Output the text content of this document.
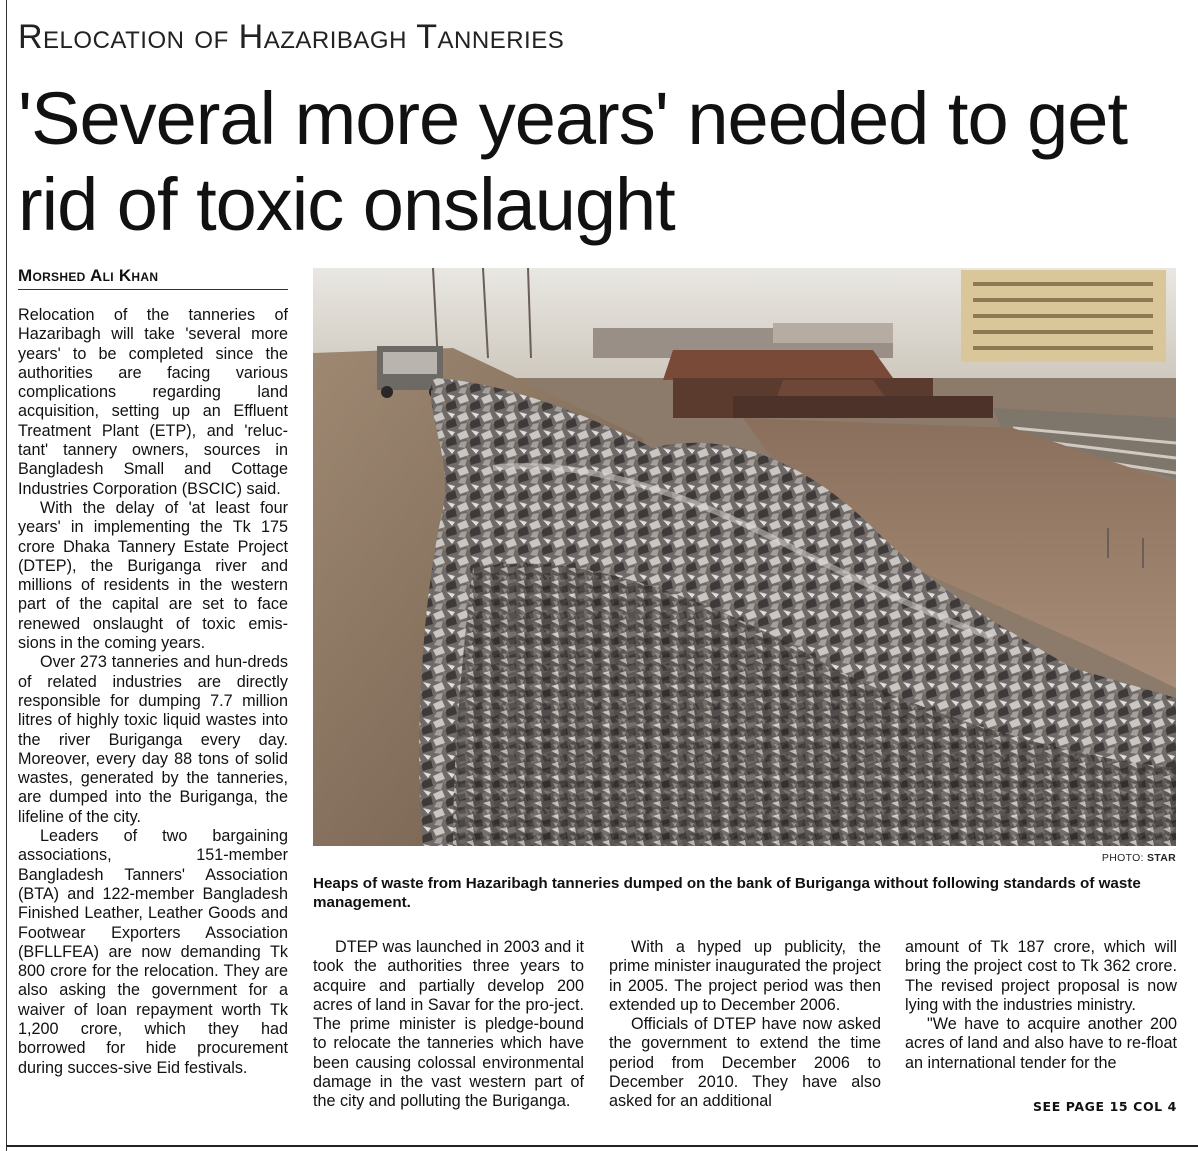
Relocation of Hazaribagh Tanneries
'Several more years' needed to get rid of toxic onslaught
Morshed Ali Khan

Relocation of the tanneries of Hazaribagh will take 'several more years' to be completed since the authorities are facing various complications regarding land acquisition, setting up an Effluent Treatment Plant (ETP), and 'reluc-tant' tannery owners, sources in Bangladesh Small and Cottage Industries Corporation (BSCIC) said.

With the delay of 'at least four years' in implementing the Tk 175 crore Dhaka Tannery Estate Project (DTEP), the Buriganga river and millions of residents in the western part of the capital are set to face renewed onslaught of toxic emis-sions in the coming years.

Over 273 tanneries and hun-dreds of related industries are directly responsible for dumping 7.7 million litres of highly toxic liquid wastes into the river Buriganga every day. Moreover, every day 88 tons of solid wastes, generated by the tanneries, are dumped into the Buriganga, the lifeline of the city.

Leaders of two bargaining associations, 151-member Bangladesh Tanners' Association (BTA) and 122-member Bangladesh Finished Leather, Leather Goods and Footwear Exporters Association (BFLLFEA) are now demanding Tk 800 crore for the relocation. They are also asking the government for a waiver of loan repayment worth Tk 1,200 crore, which they had borrowed for hide procurement during succes-sive Eid festivals.

PHOTO: STAR
Heaps of waste from Hazaribagh tanneries dumped on the bank of Buriganga without following standards of waste management.

DTEP was launched in 2003 and it took the authorities three years to acquire and partially develop 200 acres of land in Savar for the pro-ject. The prime minister is pledge-bound to relocate the tanneries which have been causing colossal environmental damage in the vast western part of the city and polluting the Buriganga.

With a hyped up publicity, the prime minister inaugurated the project in 2005. The project period was then extended up to December 2006.

Officials of DTEP have now asked the government to extend the time period from December 2006 to December 2010. They have also asked for an additional

amount of Tk 187 crore, which will bring the project cost to Tk 362 crore. The revised project proposal is now lying with the industries ministry.

"We have to acquire another 200 acres of land and also have to re-float an international tender for the

SEE PAGE 15 COL 4
